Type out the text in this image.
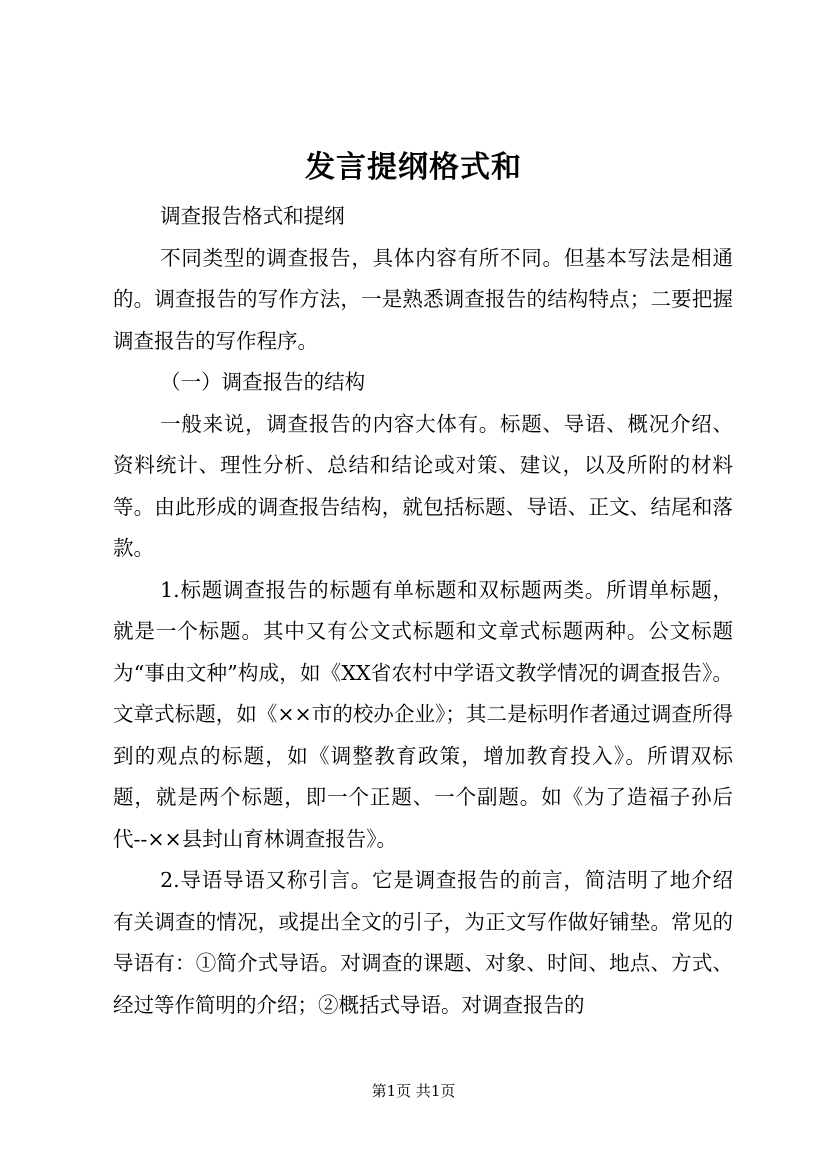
发言提纲格式和

调查报告格式和提纲

不同类型的调查报告，具体内容有所不同。但基本写法是相通的。调查报告的写作方法，一是熟悉调查报告的结构特点；二要把握调查报告的写作程序。

（一）调查报告的结构

一般来说，调查报告的内容大体有。标题、导语、概况介绍、资料统计、理性分析、总结和结论或对策、建议，以及所附的材料等。由此形成的调查报告结构，就包括标题、导语、正文、结尾和落款。

1.标题调查报告的标题有单标题和双标题两类。所谓单标题，就是一个标题。其中又有公文式标题和文章式标题两种。公文标题为“事由文种”构成，如《XX省农村中学语文教学情况的调查报告》。文章式标题，如《××市的校办企业》；其二是标明作者通过调查所得到的观点的标题，如《调整教育政策，增加教育投入》。所谓双标题，就是两个标题，即一个正题、一个副题。如《为了造福子孙后代--××县封山育林调查报告》。

2.导语导语又称引言。它是调查报告的前言，简洁明了地介绍有关调查的情况，或提出全文的引子，为正文写作做好铺垫。常见的导语有：①简介式导语。对调查的课题、对象、时间、地点、方式、经过等作简明的介绍；②概括式导语。对调查报告的

第1页 共1页
